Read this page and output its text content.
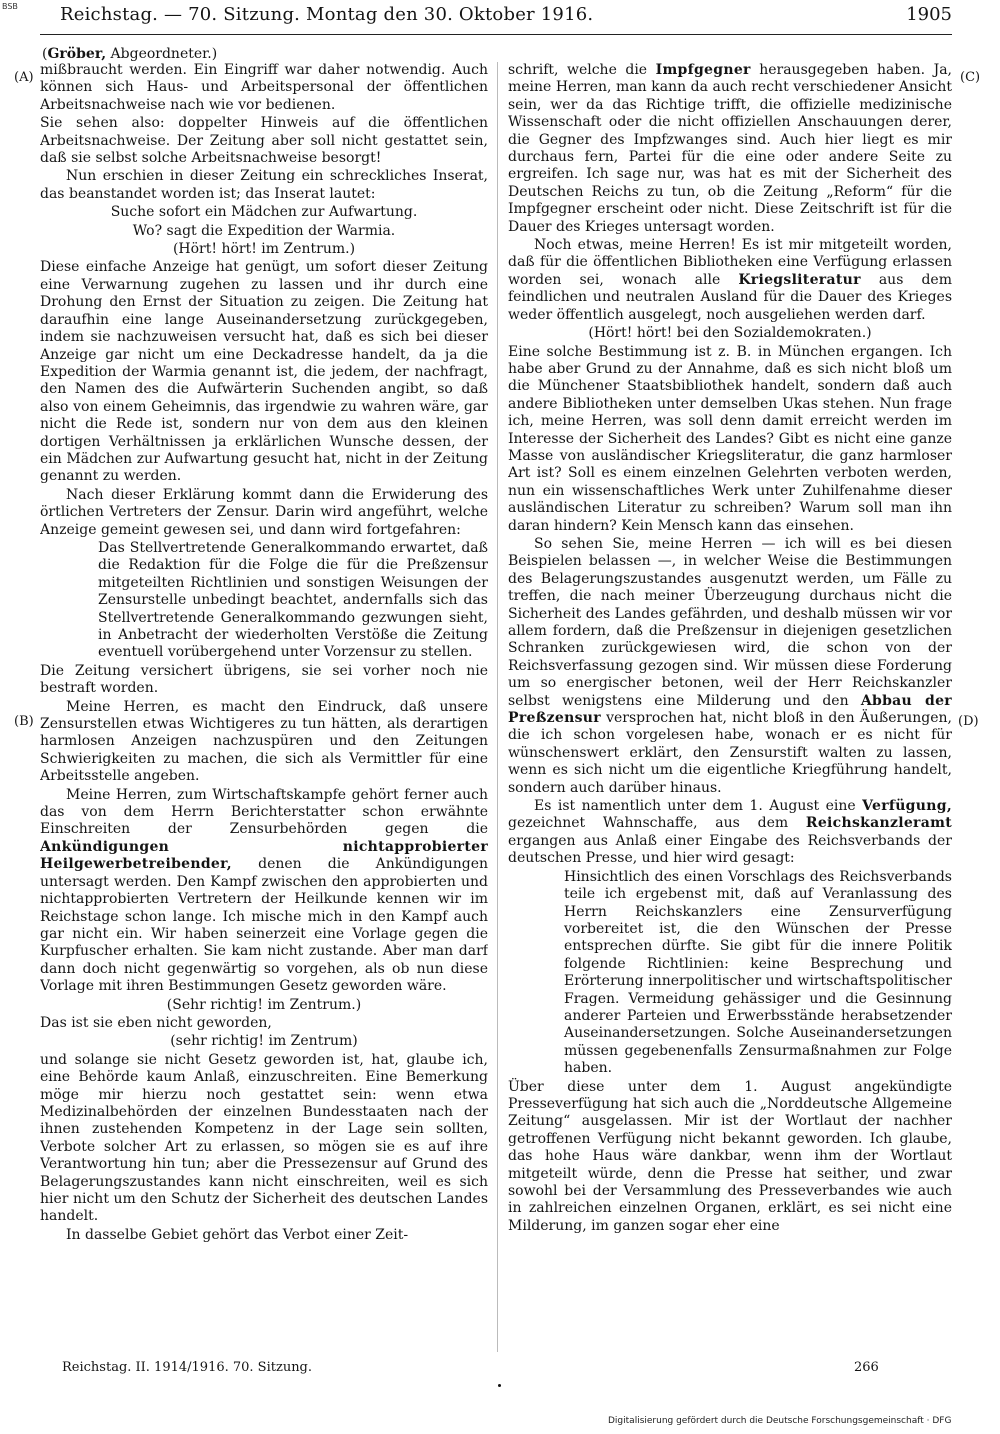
BSB Reichstag. — 70. Sitzung. Montag den 30. Oktober 1916.	1905
(Gröber, Abgeordneter.)
(A)
(B)
(C)
(D)

mißbraucht werden. Ein Eingriff war daher notwendig. Auch können sich Haus- und Arbeitspersonal der öffentlichen Arbeitsnachweise nach wie vor bedienen.

Sie sehen also: doppelter Hinweis auf die öffentlichen Arbeitsnachweise. Der Zeitung aber soll nicht gestattet sein, daß sie selbst solche Arbeitsnachweise besorgt!

Nun erschien in dieser Zeitung ein schreckliches Inserat, das beanstandet worden ist; das Inserat lautet:

Suche sofort ein Mädchen zur Aufwartung.

Wo? sagt die Expedition der Warmia.

(Hört! hört! im Zentrum.)

Diese einfache Anzeige hat genügt, um sofort dieser Zeitung eine Verwarnung zugehen zu lassen und ihr durch eine Drohung den Ernst der Situation zu zeigen. Die Zeitung hat daraufhin eine lange Auseinandersetzung zurückgegeben, indem sie nachzuweisen versucht hat, daß es sich bei dieser Anzeige gar nicht um eine Deckadresse handelt, da ja die Expedition der Warmia genannt ist, die jedem, der nachfragt, den Namen des die Aufwärterin Suchenden angibt, so daß also von einem Geheimnis, das irgendwie zu wahren wäre, gar nicht die Rede ist, sondern nur von dem aus den kleinen dortigen Verhältnissen ja erklärlichen Wunsche dessen, der ein Mädchen zur Aufwartung gesucht hat, nicht in der Zeitung genannt zu werden.

Nach dieser Erklärung kommt dann die Erwiderung des örtlichen Vertreters der Zensur. Darin wird angeführt, welche Anzeige gemeint gewesen sei, und dann wird fortgefahren:

Das Stellvertretende Generalkommando erwartet, daß die Redaktion für die Folge die für die Preßzensur mitgeteilten Richtlinien und sonstigen Weisungen der Zensurstelle unbedingt beachtet, andernfalls sich das Stellvertretende Generalkommando gezwungen sieht, in Anbetracht der wiederholten Verstöße die Zeitung eventuell vorübergehend unter Vorzensur zu stellen.

Die Zeitung versichert übrigens, sie sei vorher noch nie bestraft worden.

Meine Herren, es macht den Eindruck, daß unsere Zensurstellen etwas Wichtigeres zu tun hätten, als derartigen harmlosen Anzeigen nachzuspüren und den Zeitungen Schwierigkeiten zu machen, die sich als Vermittler für eine Arbeitsstelle angeben.

Meine Herren, zum Wirtschaftskampfe gehört ferner auch das von dem Herrn Berichterstatter schon erwähnte Einschreiten der Zensurbehörden gegen die Ankündigungen nichtapprobierter Heilgewerbetreibender, denen die Ankündigungen untersagt werden. Den Kampf zwischen den approbierten und nichtapprobierten Vertretern der Heilkunde kennen wir im Reichstage schon lange. Ich mische mich in den Kampf auch gar nicht ein. Wir haben seinerzeit eine Vorlage gegen die Kurpfuscher erhalten. Sie kam nicht zustande. Aber man darf dann doch nicht gegenwärtig so vorgehen, als ob nun diese Vorlage mit ihren Bestimmungen Gesetz geworden wäre.

(Sehr richtig! im Zentrum.)

Das ist sie eben nicht geworden,

(sehr richtig! im Zentrum)

und solange sie nicht Gesetz geworden ist, hat, glaube ich, eine Behörde kaum Anlaß, einzuschreiten. Eine Bemerkung möge mir hierzu noch gestattet sein: wenn etwa Medizinalbehörden der einzelnen Bundesstaaten nach der ihnen zustehenden Kompetenz in der Lage sein sollten, Verbote solcher Art zu erlassen, so mögen sie es auf ihre Verantwortung hin tun; aber die Pressezensur auf Grund des Belagerungszustandes kann nicht einschreiten, weil es sich hier nicht um den Schutz der Sicherheit des deutschen Landes handelt.

In dasselbe Gebiet gehört das Verbot einer Zeit-

schrift, welche die Impfgegner herausgegeben haben. Ja, meine Herren, man kann da auch recht verschiedener Ansicht sein, wer da das Richtige trifft, die offizielle medizinische Wissenschaft oder die nicht offiziellen Anschauungen derer, die Gegner des Impfzwanges sind. Auch hier liegt es mir durchaus fern, Partei für die eine oder andere Seite zu ergreifen. Ich sage nur, was hat es mit der Sicherheit des Deutschen Reichs zu tun, ob die Zeitung „Reform“ für die Impfgegner erscheint oder nicht. Diese Zeitschrift ist für die Dauer des Krieges untersagt worden.

Noch etwas, meine Herren! Es ist mir mitgeteilt worden, daß für die öffentlichen Bibliotheken eine Verfügung erlassen worden sei, wonach alle Kriegsliteratur aus dem feindlichen und neutralen Ausland für die Dauer des Krieges weder öffentlich ausgelegt, noch ausgeliehen werden darf.

(Hört! hört! bei den Sozialdemokraten.)

Eine solche Bestimmung ist z. B. in München ergangen. Ich habe aber Grund zu der Annahme, daß es sich nicht bloß um die Münchener Staatsbibliothek handelt, sondern daß auch andere Bibliotheken unter demselben Ukas stehen. Nun frage ich, meine Herren, was soll denn damit erreicht werden im Interesse der Sicherheit des Landes? Gibt es nicht eine ganze Masse von ausländischer Kriegsliteratur, die ganz harmloser Art ist? Soll es einem einzelnen Gelehrten verboten werden, nun ein wissenschaftliches Werk unter Zuhilfenahme dieser ausländischen Literatur zu schreiben? Warum soll man ihn daran hindern? Kein Mensch kann das einsehen.

So sehen Sie, meine Herren — ich will es bei diesen Beispielen belassen —, in welcher Weise die Bestimmungen des Belagerungszustandes ausgenutzt werden, um Fälle zu treffen, die nach meiner Überzeugung durchaus nicht die Sicherheit des Landes gefährden, und deshalb müssen wir vor allem fordern, daß die Preßzensur in diejenigen gesetzlichen Schranken zurückgewiesen wird, die schon von der Reichsverfassung gezogen sind. Wir müssen diese Forderung um so energischer betonen, weil der Herr Reichskanzler selbst wenigstens eine Milderung und den Abbau der Preßzensur versprochen hat, nicht bloß in den Äußerungen, die ich schon vorgelesen habe, wonach er es nicht für wünschenswert erklärt, den Zensurstift walten zu lassen, wenn es sich nicht um die eigentliche Kriegführung handelt, sondern auch darüber hinaus.

Es ist namentlich unter dem 1. August eine Verfügung, gezeichnet Wahnschaffe, aus dem Reichskanzleramt ergangen aus Anlaß einer Eingabe des Reichsverbands der deutschen Presse, und hier wird gesagt:

Hinsichtlich des einen Vorschlags des Reichsverbands teile ich ergebenst mit, daß auf Veranlassung des Herrn Reichskanzlers eine Zensurverfügung vorbereitet ist, die den Wünschen der Presse entsprechen dürfte. Sie gibt für die innere Politik folgende Richtlinien: keine Besprechung und Erörterung innerpolitischer und wirtschaftspolitischer Fragen. Vermeidung gehässiger und die Gesinnung anderer Parteien und Erwerbsstände herabsetzender Auseinandersetzungen. Solche Auseinandersetzungen müssen gegebenenfalls Zensurmaßnahmen zur Folge haben.

Über diese unter dem 1. August angekündigte Presseverfügung hat sich auch die „Norddeutsche Allgemeine Zeitung“ ausgelassen. Mir ist der Wortlaut der nachher getroffenen Verfügung nicht bekannt geworden. Ich glaube, das hohe Haus wäre dankbar, wenn ihm der Wortlaut mitgeteilt würde, denn die Presse hat seither, und zwar sowohl bei der Versammlung des Presseverbandes wie auch in zahlreichen einzelnen Organen, erklärt, es sei nicht eine Milderung, im ganzen sogar eher eine

Reichstag. II. 1914/1916. 70. Sitzung.	266
Digitalisierung gefördert durch die Deutsche Forschungsgemeinschaft · DFG
